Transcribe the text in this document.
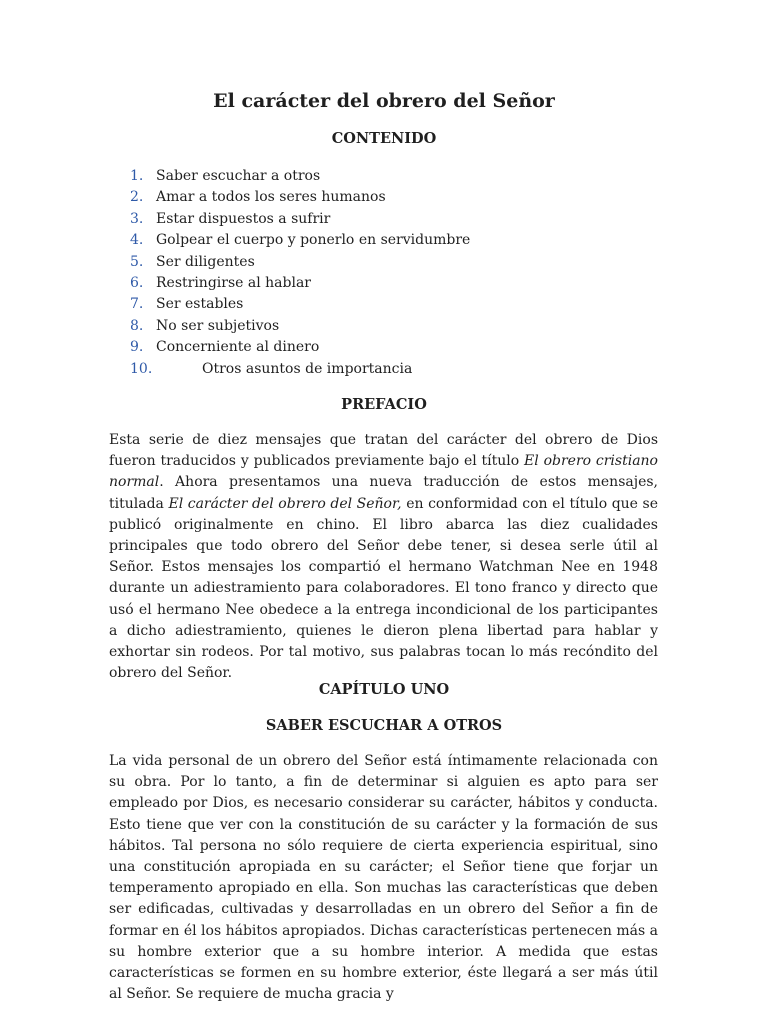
El carácter del obrero del Señor
CONTENIDO
1. Saber escuchar a otros
2. Amar a todos los seres humanos
3. Estar dispuestos a sufrir
4. Golpear el cuerpo y ponerlo en servidumbre
5. Ser diligentes
6. Restringirse al hablar
7. Ser estables
8. No ser subjetivos
9. Concerniente al dinero
10.	Otros asuntos de importancia
PREFACIO

Esta serie de diez mensajes que tratan del carácter del obrero de Dios fueron traducidos y publicados previamente bajo el título El obrero cristiano normal. Ahora presentamos una nueva traducción de estos mensajes, titulada El carácter del obrero del Señor, en conformidad con el título que se publicó originalmente en chino. El libro abarca las diez cualidades principales que todo obrero del Señor debe tener, si desea serle útil al Señor. Estos mensajes los compartió el hermano Watchman Nee en 1948 durante un adiestramiento para colaboradores. El tono franco y directo que usó el hermano Nee obedece a la entrega incondicional de los participantes a dicho adiestramiento, quienes le dieron plena libertad para hablar y exhortar sin rodeos. Por tal motivo, sus palabras tocan lo más recóndito del obrero del Señor.

CAPÍTULO UNO
SABER ESCUCHAR A OTROS

La vida personal de un obrero del Señor está íntimamente relacionada con su obra. Por lo tanto, a fin de determinar si alguien es apto para ser empleado por Dios, es necesario considerar su carácter, hábitos y conducta. Esto tiene que ver con la constitución de su carácter y la formación de sus hábitos. Tal persona no sólo requiere de cierta experiencia espiritual, sino una constitución apropiada en su carácter; el Señor tiene que forjar un temperamento apropiado en ella. Son muchas las características que deben ser edificadas, cultivadas y desarrolladas en un obrero del Señor a fin de formar en él los hábitos apropiados. Dichas características pertenecen más a su hombre exterior que a su hombre interior. A medida que estas características se formen en su hombre exterior, éste llegará a ser más útil al Señor. Se requiere de mucha gracia y
